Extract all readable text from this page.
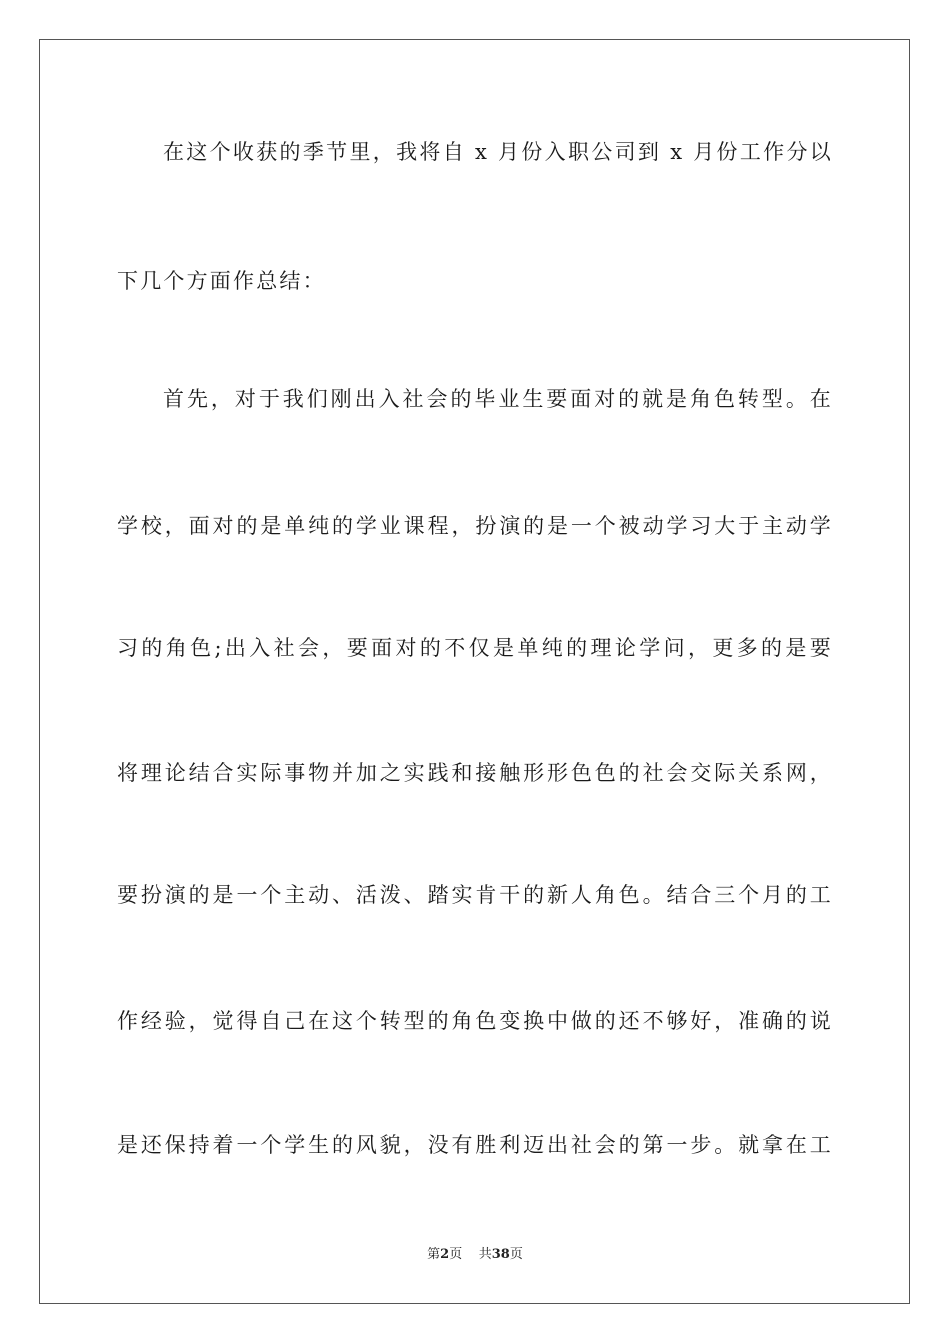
在这个收获的季节里，我将自 x 月份入职公司到 x 月份工作分以
下几个方面作总结：
首先，对于我们刚出入社会的毕业生要面对的就是角色转型。在
学校，面对的是单纯的学业课程，扮演的是一个被动学习大于主动学
习的角色;出入社会，要面对的不仅是单纯的理论学问，更多的是要
将理论结合实际事物并加之实践和接触形形色色的社会交际关系网，
要扮演的是一个主动、活泼、踏实肯干的新人角色。结合三个月的工
作经验，觉得自己在这个转型的角色变换中做的还不够好，准确的说
是还保持着一个学生的风貌，没有胜利迈出社会的第一步。就拿在工
第2页 共38页
